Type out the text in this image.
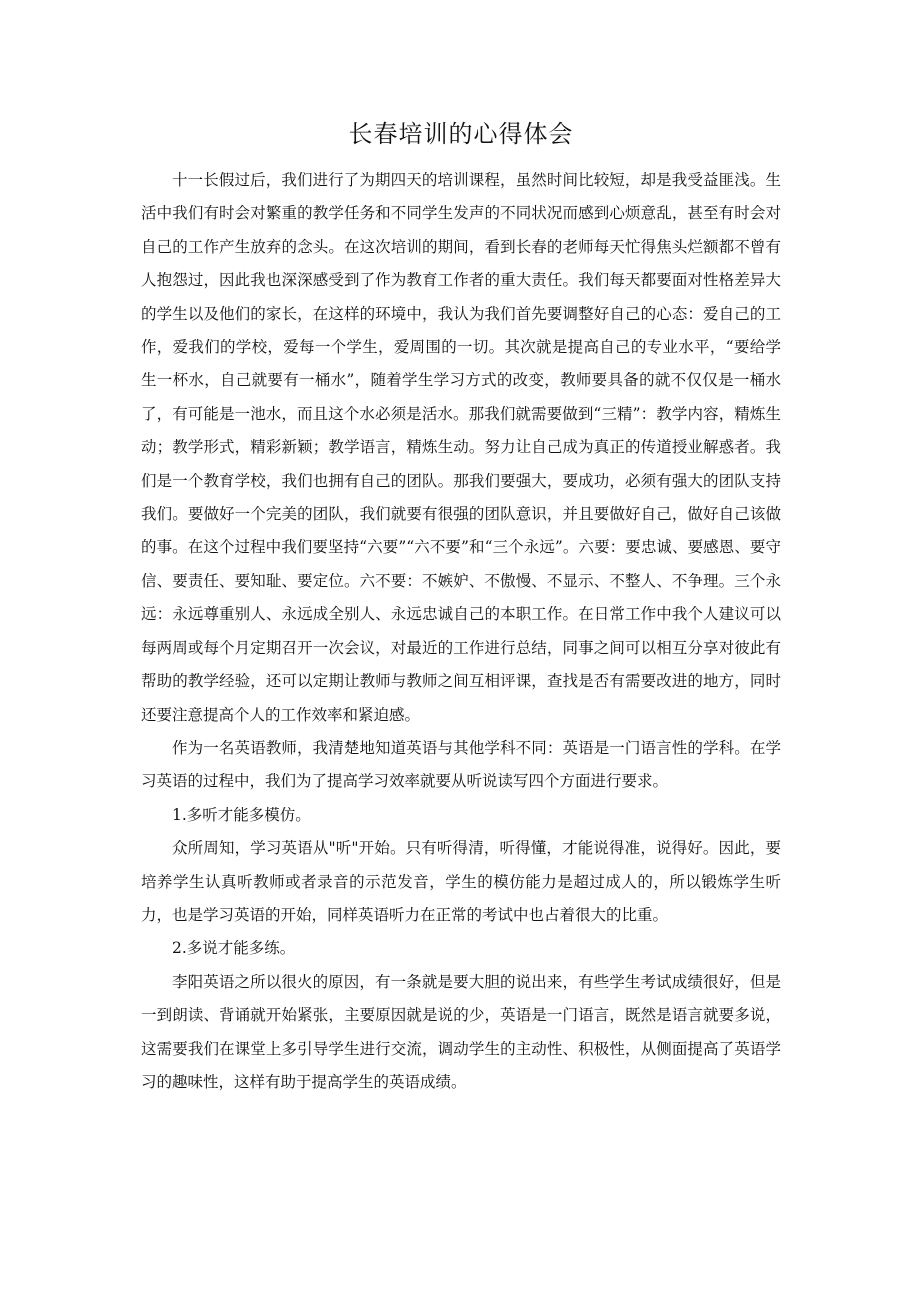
长春培训的心得体会

十一长假过后，我们进行了为期四天的培训课程，虽然时间比较短，却是我受益匪浅。生活中我们有时会对繁重的教学任务和不同学生发声的不同状况而感到心烦意乱，甚至有时会对自己的工作产生放弃的念头。在这次培训的期间，看到长春的老师每天忙得焦头烂额都不曾有人抱怨过，因此我也深深感受到了作为教育工作者的重大责任。我们每天都要面对性格差异大的学生以及他们的家长，在这样的环境中，我认为我们首先要调整好自己的心态：爱自己的工作，爱我们的学校，爱每一个学生，爱周围的一切。其次就是提高自己的专业水平，“要给学生一杯水，自己就要有一桶水”，随着学生学习方式的改变，教师要具备的就不仅仅是一桶水了，有可能是一池水，而且这个水必须是活水。那我们就需要做到“三精”：教学内容，精炼生动；教学形式，精彩新颖；教学语言，精炼生动。努力让自己成为真正的传道授业解惑者。我们是一个教育学校，我们也拥有自己的团队。那我们要强大，要成功，必须有强大的团队支持我们。要做好一个完美的团队，我们就要有很强的团队意识，并且要做好自己，做好自己该做的事。在这个过程中我们要坚持“六要”“六不要”和“三个永远”。六要：要忠诚、要感恩、要守信、要责任、要知耻、要定位。六不要：不嫉妒、不傲慢、不显示、不整人、不争理。三个永远：永远尊重别人、永远成全别人、永远忠诚自己的本职工作。在日常工作中我个人建议可以每两周或每个月定期召开一次会议，对最近的工作进行总结，同事之间可以相互分享对彼此有帮助的教学经验，还可以定期让教师与教师之间互相评课，查找是否有需要改进的地方，同时还要注意提高个人的工作效率和紧迫感。

作为一名英语教师，我清楚地知道英语与其他学科不同：英语是一门语言性的学科。在学习英语的过程中，我们为了提高学习效率就要从听说读写四个方面进行要求。

1.多听才能多模仿。

众所周知，学习英语从"听"开始。只有听得清，听得懂，才能说得准，说得好。因此，要培养学生认真听教师或者录音的示范发音，学生的模仿能力是超过成人的，所以锻炼学生听力，也是学习英语的开始，同样英语听力在正常的考试中也占着很大的比重。

2.多说才能多练。

李阳英语之所以很火的原因，有一条就是要大胆的说出来，有些学生考试成绩很好，但是一到朗读、背诵就开始紧张，主要原因就是说的少，英语是一门语言，既然是语言就要多说，这需要我们在课堂上多引导学生进行交流，调动学生的主动性、积极性，从侧面提高了英语学习的趣味性，这样有助于提高学生的英语成绩。
